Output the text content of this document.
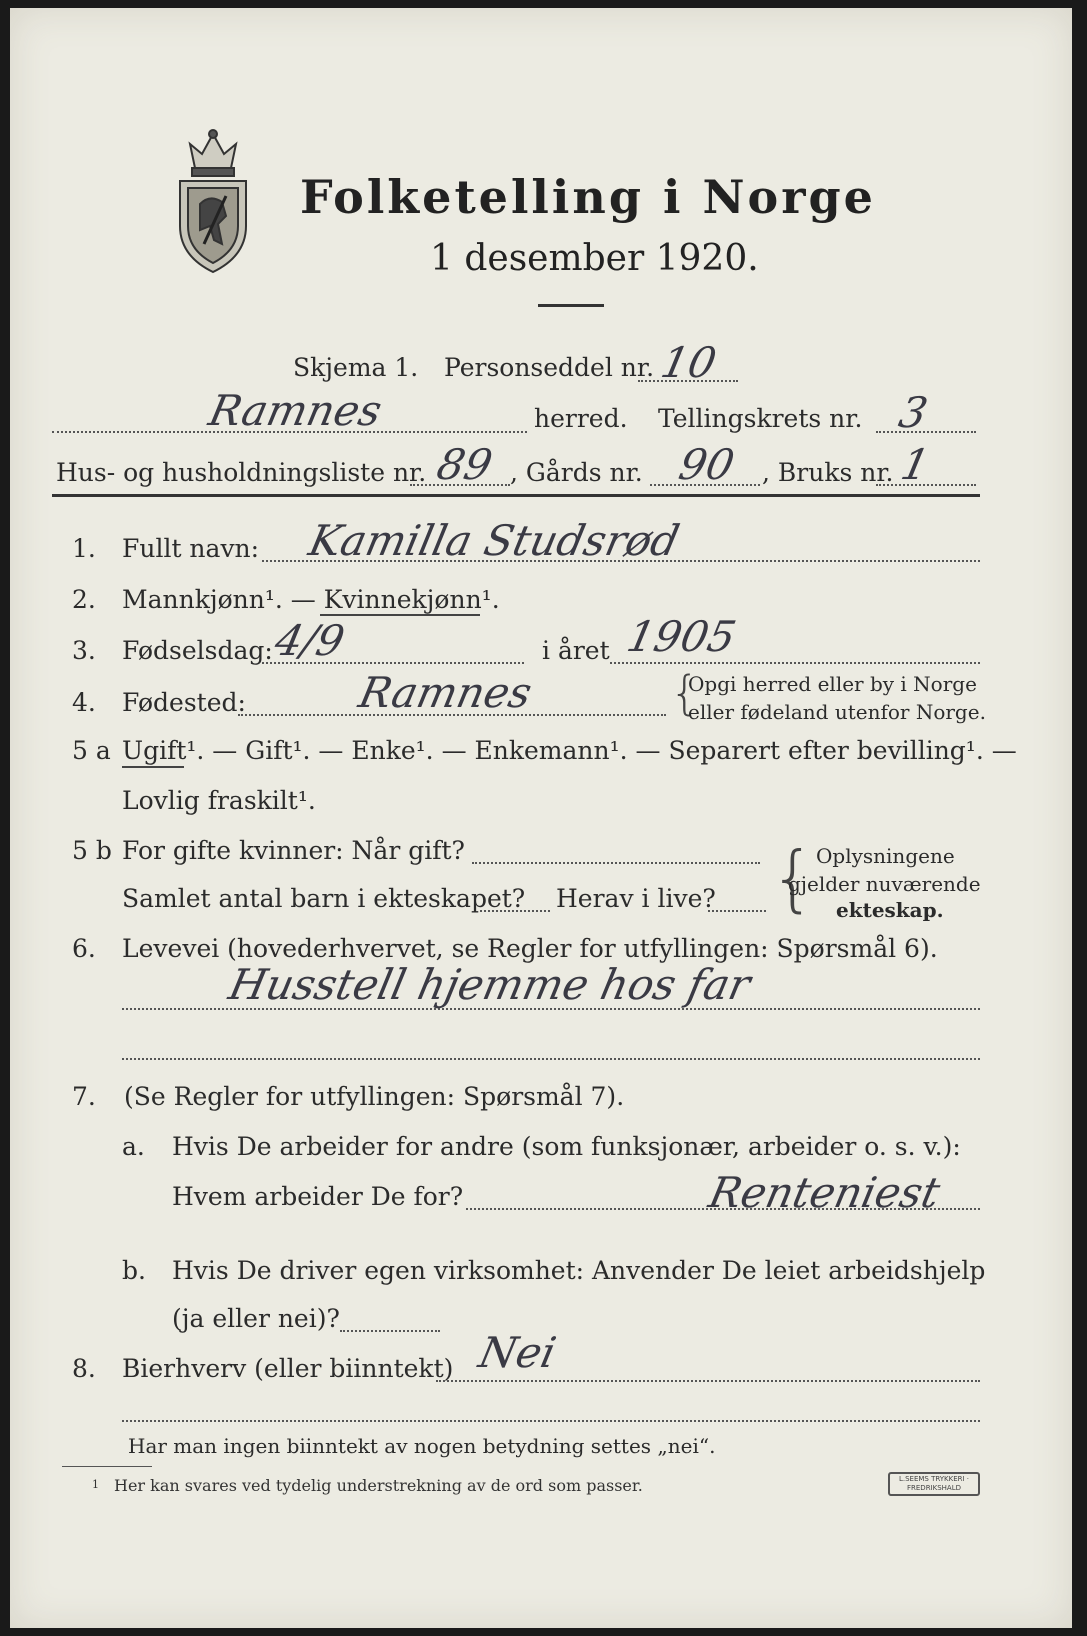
Folketelling i Norge
1 desember 1920.
Skjema 1. Personseddel nr. 10
Ramnes	herred. Tellingskrets nr. 3
Hus- og husholdningsliste nr. 89 , Gårds nr. 90 , Bruks nr. 1
1. Fullt navn: Kamilla Studsrød
2. Mannkjønn¹. — Kvinnekjønn¹.
3. Fødselsdag:
4/9	i året 1905
4. Fødested:	Ramnes	{
Opgi herred eller by i Norge
eller fødeland utenfor Norge.
5 a Ugift¹. — Gift¹. — Enke¹. — Enkemann¹. — Separert efter bevilling¹. —
Lovlig fraskilt¹.
5 b For gifte kvinner: Når gift?
Samlet antal barn i ekteskapet? Herav i live? { Oplysningene
gjelder nuværende
ekteskap.
6. Levevei (hovederhvervet, se Regler for utfyllingen: Spørsmål 6).
Husstell hjemme hos far
7. (Se Regler for utfyllingen: Spørsmål 7).
a. Hvis De arbeider for andre (som funksjonær, arbeider o. s. v.):
Hvem arbeider De for?	Renteniest
b. Hvis De driver egen virksomhet: Anvender De leiet arbeidshjelp
(ja eller nei)?
8. Bierhverv (eller biinntekt) Nei
Har man ingen biinntekt av nogen betydning settes „nei“.
1 Her kan svares ved tydelig understrekning av de ord som passer.	L.SEEMS TRYKKERI · FREDRIKSHALD
